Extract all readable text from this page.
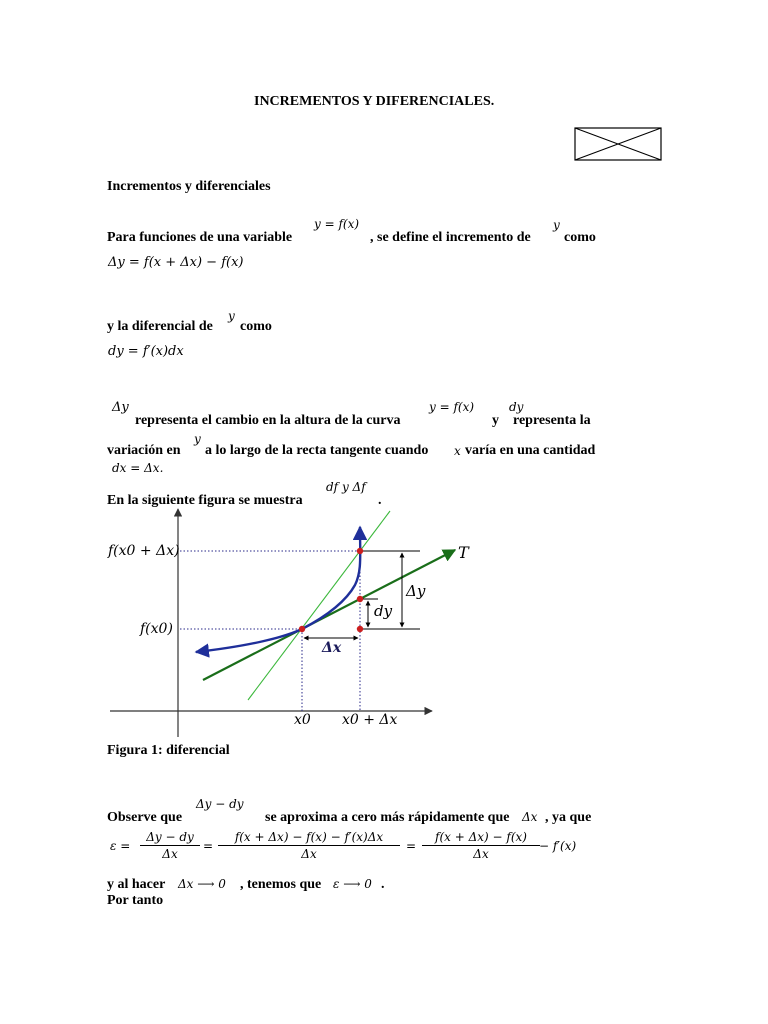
INCREMENTOS Y DIFERENCIALES.
Incrementos y diferenciales
Para funciones de una variable
y = f(x)
, se define el incremento de
y
como
Δy = f(x + Δx) − f(x)
y la diferencial de
y
como
dy = f′(x)dx
Δy
representa el cambio en la altura de la curva
y = f(x)
y
dy
representa la
variación en
y
a lo largo de la recta tangente cuando x varía en una cantidad
dx = Δx.
En la siguiente figura se muestra
df y Δf
.
f(x0 + Δx)
f(x0)
T
Δy
dy
Δx
x0 x0 + Δx
Figura 1: diferencial
Observe que
Δy − dy
se aproxima a cero más rápidamente que Δx , ya que
ε =
Δy − dy
Δx
=
f(x + Δx) − f(x) − f′(x)Δx
Δx
=
f(x + Δx) − f(x)
Δx
− f′(x)
y al hacer Δx ⟶ 0 , tenemos que ε ⟶ 0 .
Por tanto
